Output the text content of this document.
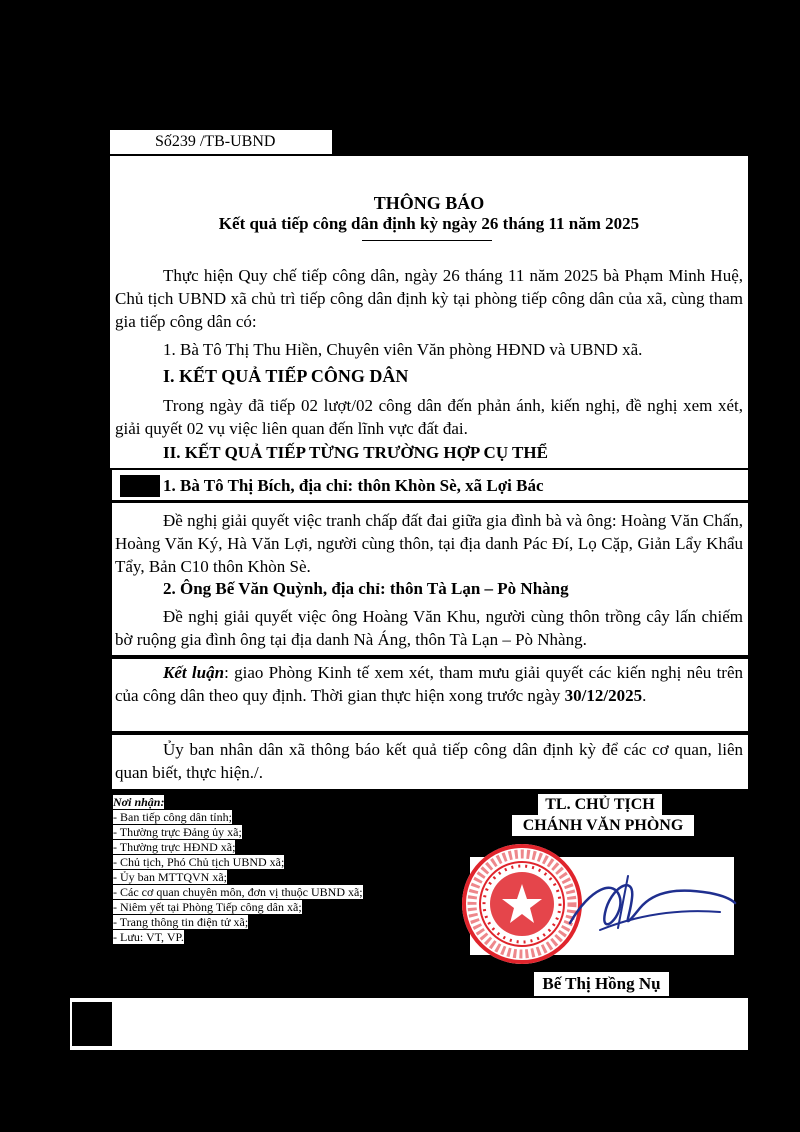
Số239 /TB-UBND
THÔNG BÁO
Kết quả tiếp công dân định kỳ ngày 26 tháng 11 năm 2025
Thực hiện Quy chế tiếp công dân, ngày 26 tháng 11 năm 2025 bà Phạm Minh Huệ, Chủ tịch UBND xã chủ trì tiếp công dân định kỳ tại phòng tiếp công dân của xã, cùng tham gia tiếp công dân có:
1. Bà Tô Thị Thu Hiền, Chuyên viên Văn phòng HĐND và UBND xã.
I. KẾT QUẢ TIẾP CÔNG DÂN
Trong ngày đã tiếp 02 lượt/02 công dân đến phản ánh, kiến nghị, đề nghị xem xét, giải quyết 02 vụ việc liên quan đến lĩnh vực đất đai.
II. KẾT QUẢ TIẾP TỪNG TRƯỜNG HỢP CỤ THỂ
1. Bà Tô Thị Bích, địa chỉ: thôn Khòn Sè, xã Lợi Bác
Đề nghị giải quyết việc tranh chấp đất đai giữa gia đình bà và ông: Hoàng Văn Chấn, Hoàng Văn Ký, Hà Văn Lợi, người cùng thôn, tại địa danh Pác Đí, Lọ Cặp, Giản Lẩy Khẩu Tẩy, Bản C10 thôn Khòn Sè.
2. Ông Bế Văn Quỳnh, địa chỉ: thôn Tà Lạn – Pò Nhàng
Đề nghị giải quyết việc ông Hoàng Văn Khu, người cùng thôn trồng cây lấn chiếm bờ ruộng gia đình ông tại địa danh Nà Áng, thôn Tà Lạn – Pò Nhàng.
Kết luận: giao Phòng Kinh tế xem xét, tham mưu giải quyết các kiến nghị nêu trên của công dân theo quy định. Thời gian thực hiện xong trước ngày 30/12/2025.
Ủy ban nhân dân xã thông báo kết quả tiếp công dân định kỳ để các cơ quan, liên quan biết, thực hiện./.
Nơi nhận:
- Ban tiếp công dân tỉnh;
- Thường trực Đảng ủy xã;
- Thường trực HĐND xã;
- Chủ tịch, Phó Chủ tịch UBND xã;
- Ủy ban MTTQVN xã;
- Các cơ quan chuyên môn, đơn vị thuộc UBND xã;
- Niêm yết tại Phòng Tiếp công dân xã;
- Trang thông tin điện tử xã;
- Lưu: VT, VP.
TL. CHỦ TỊCH
CHÁNH VĂN PHÒNG
Bế Thị Hồng Nụ
